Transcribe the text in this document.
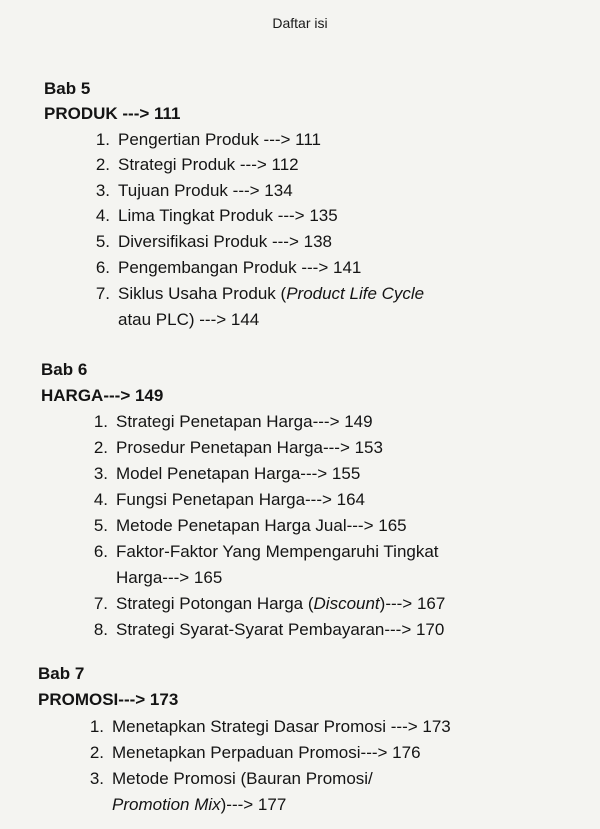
Daftar isi
Bab 5
PRODUK ---> 111
1. Pengertian Produk ---> 111
2. Strategi Produk ---> 112
3. Tujuan Produk ---> 134
4. Lima Tingkat Produk ---> 135
5. Diversifikasi Produk ---> 138
6. Pengembangan Produk ---> 141
7. Siklus Usaha Produk (Product Life Cycle
atau PLC) ---> 144
Bab 6
HARGA---> 149
1. Strategi Penetapan Harga---> 149
2. Prosedur Penetapan Harga---> 153
3. Model Penetapan Harga---> 155
4. Fungsi Penetapan Harga---> 164
5. Metode Penetapan Harga Jual---> 165
6. Faktor-Faktor Yang Mempengaruhi Tingkat
Harga---> 165
7. Strategi Potongan Harga (Discount)---> 167
8. Strategi Syarat-Syarat Pembayaran---> 170
Bab 7
PROMOSI---> 173
1. Menetapkan Strategi Dasar Promosi ---> 173
2. Menetapkan Perpaduan Promosi---> 176
3. Metode Promosi (Bauran Promosi/
Promotion Mix)---> 177
